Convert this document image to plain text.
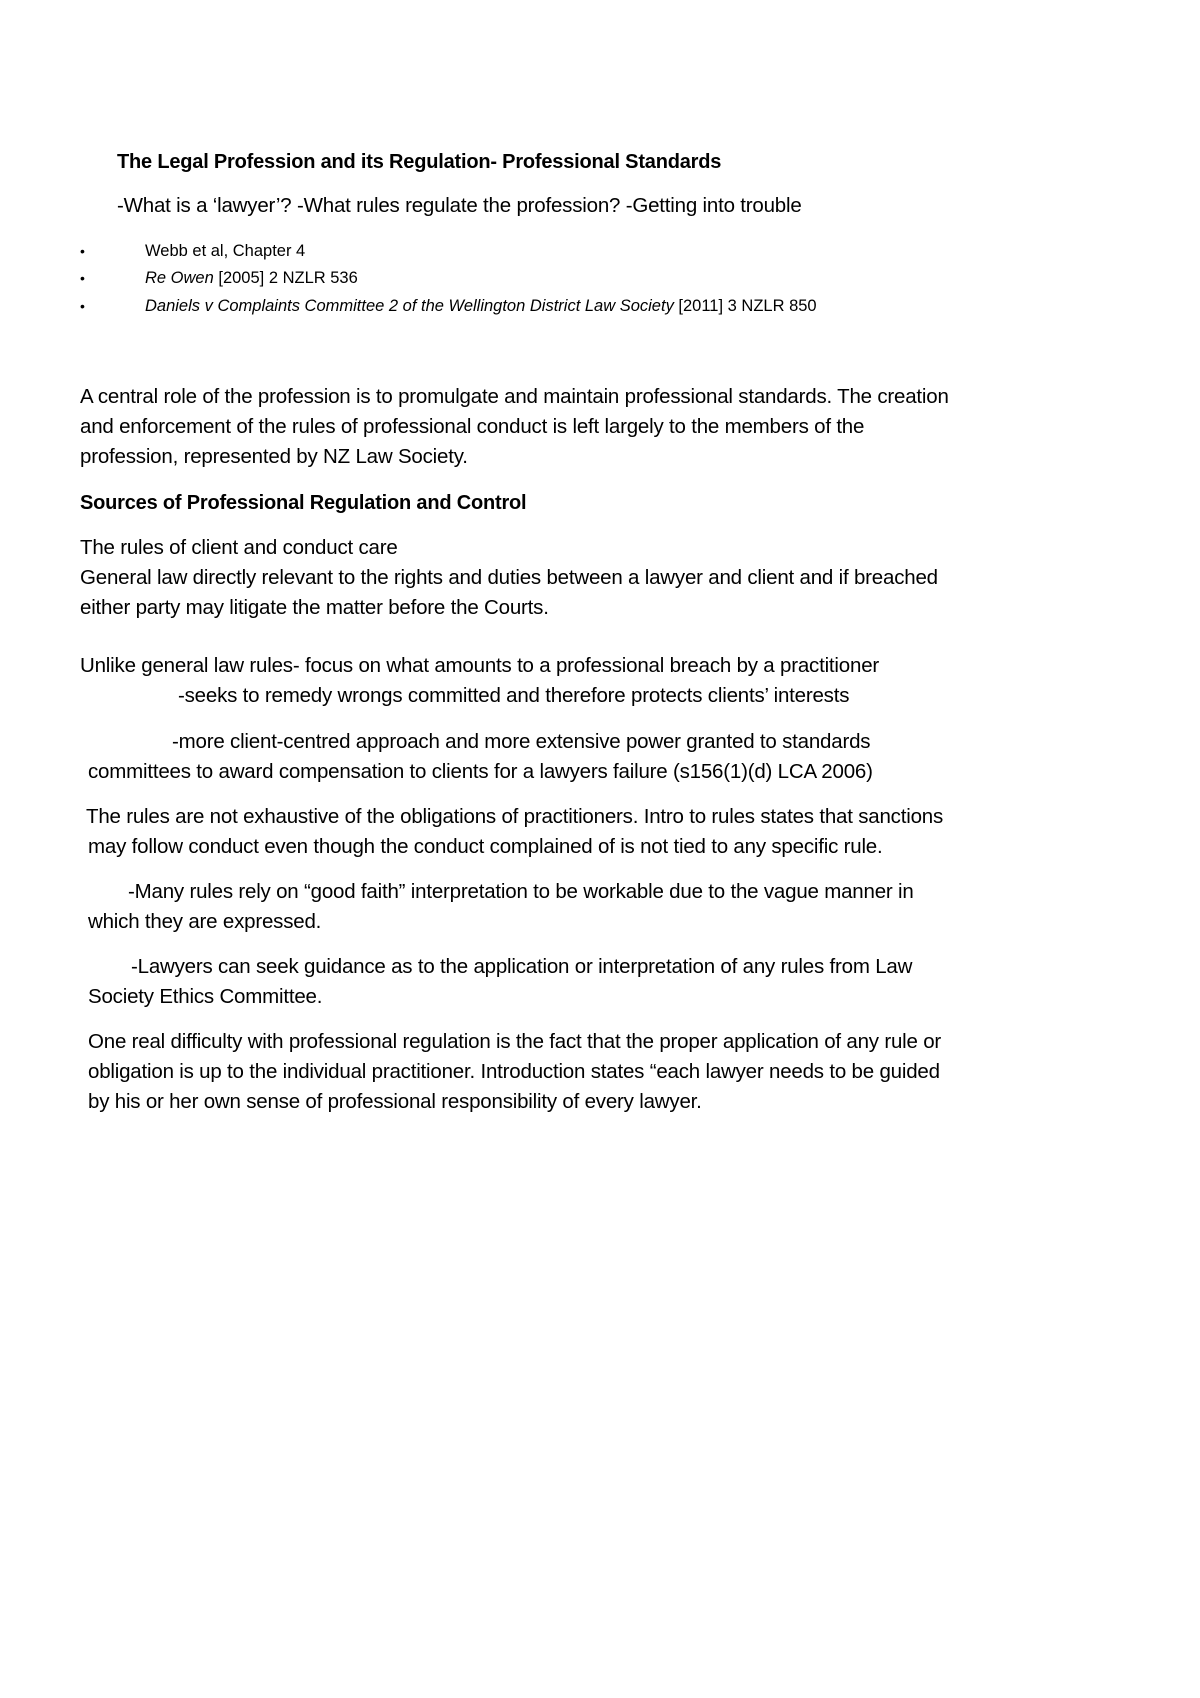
The Legal Profession and its Regulation- Professional Standards
-What is a ‘lawyer’? -What rules regulate the profession? -Getting into trouble
•	Webb et al, Chapter 4
•	Re Owen [2005] 2 NZLR 536
•	Daniels v Complaints Committee 2 of the Wellington District Law Society [2011] 3 NZLR 850
A central role of the profession is to promulgate and maintain professional standards. The creation
and enforcement of the rules of professional conduct is left largely to the members of the
profession, represented by NZ Law Society.
Sources of Professional Regulation and Control
The rules of client and conduct care
General law directly relevant to the rights and duties between a lawyer and client and if breached
either party may litigate the matter before the Courts.
Unlike general law rules- focus on what amounts to a professional breach by a practitioner
-seeks to remedy wrongs committed and therefore protects clients’ interests
-more client-centred approach and more extensive power granted to standards
committees to award compensation to clients for a lawyers failure (s156(1)(d) LCA 2006)
The rules are not exhaustive of the obligations of practitioners. Intro to rules states that sanctions
may follow conduct even though the conduct complained of is not tied to any specific rule.
-Many rules rely on “good faith” interpretation to be workable due to the vague manner in
which they are expressed.
-Lawyers can seek guidance as to the application or interpretation of any rules from Law
Society Ethics Committee.
One real difficulty with professional regulation is the fact that the proper application of any rule or
obligation is up to the individual practitioner. Introduction states “each lawyer needs to be guided
by his or her own sense of professional responsibility of every lawyer.
